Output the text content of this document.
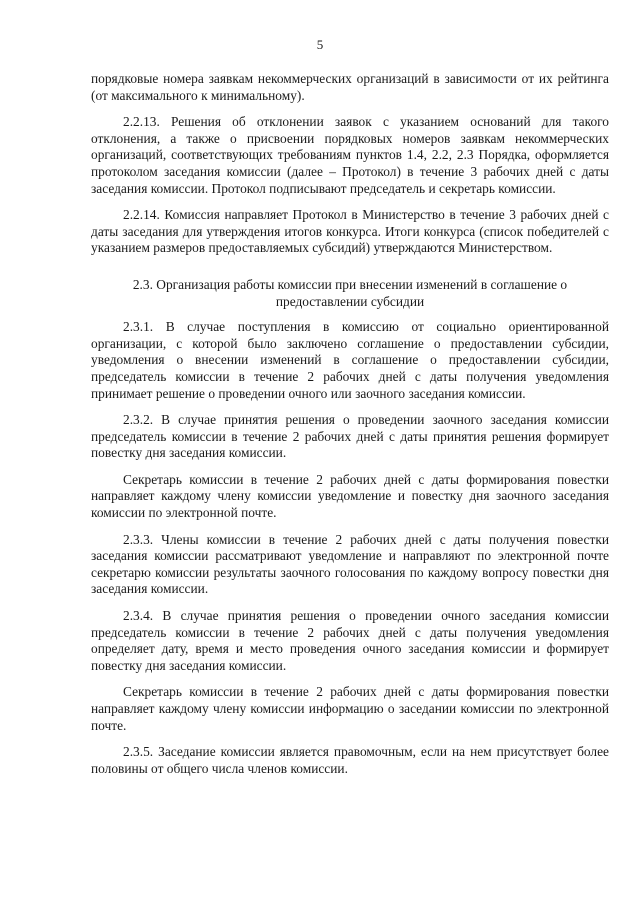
5

порядковые номера заявкам некоммерческих организаций в зависимости от их рейтинга (от максимального к минимальному).

2.2.13. Решения об отклонении заявок с указанием оснований для такого отклонения, а также о присвоении порядковых номеров заявкам некоммерческих организаций, соответствующих требованиям пунктов 1.4, 2.2, 2.3 Порядка, оформляется протоколом заседания комиссии (далее – Протокол) в течение 3 рабочих дней с даты заседания комиссии. Протокол подписывают председатель и секретарь комиссии.

2.2.14. Комиссия направляет Протокол в Министерство в течение 3 рабочих дней с даты заседания для утверждения итогов конкурса. Итоги конкурса (список победителей с указанием размеров предоставляемых субсидий) утверждаются Министерством.

2.3. Организация работы комиссии при внесении изменений в соглашение о предоставлении субсидии

2.3.1. В случае поступления в комиссию от социально ориентированной организации, с которой было заключено соглашение о предоставлении субсидии, уведомления о внесении изменений в соглашение о предоставлении субсидии, председатель комиссии в течение 2 рабочих дней с даты получения уведомления принимает решение о проведении очного или заочного заседания комиссии.

2.3.2. В случае принятия решения о проведении заочного заседания комиссии председатель комиссии в течение 2 рабочих дней с даты принятия решения формирует повестку дня заседания комиссии.

Секретарь комиссии в течение 2 рабочих дней с даты формирования повестки направляет каждому члену комиссии уведомление и повестку дня заочного заседания комиссии по электронной почте.

2.3.3. Члены комиссии в течение 2 рабочих дней с даты получения повестки заседания комиссии рассматривают уведомление и направляют по электронной почте секретарю комиссии результаты заочного голосования по каждому вопросу повестки дня заседания комиссии.

2.3.4. В случае принятия решения о проведении очного заседания комиссии председатель комиссии в течение 2 рабочих дней с даты получения уведомления определяет дату, время и место проведения очного заседания комиссии и формирует повестку дня заседания комиссии.

Секретарь комиссии в течение 2 рабочих дней с даты формирования повестки направляет каждому члену комиссии информацию о заседании комиссии по электронной почте.

2.3.5. Заседание комиссии является правомочным, если на нем присутствует более половины от общего числа членов комиссии.
